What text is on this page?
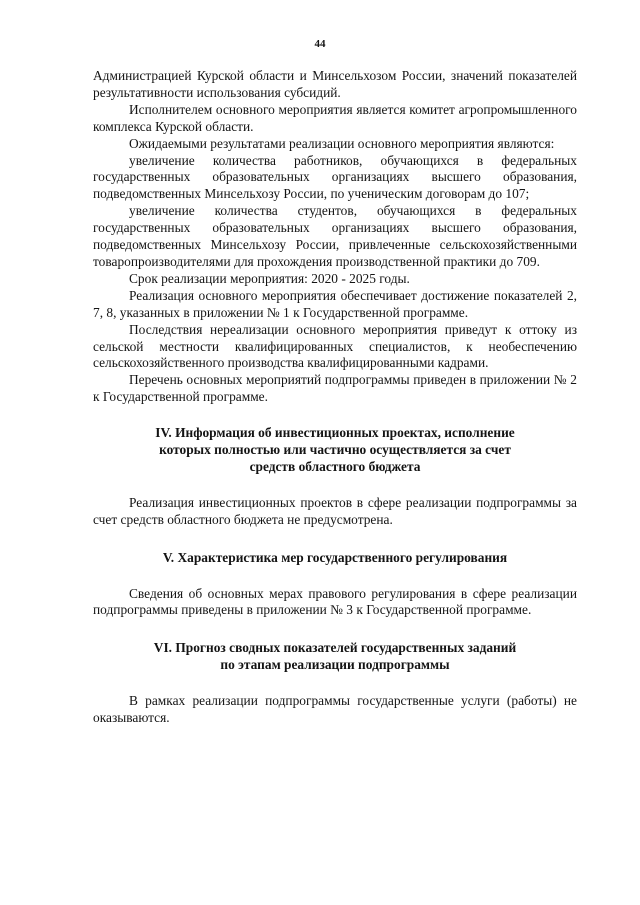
44

Администрацией Курской области и Минсельхозом России, значений показателей результативности использования субсидий.

Исполнителем основного мероприятия является комитет агропромышленного комплекса Курской области.

Ожидаемыми результатами реализации основного мероприятия являются:

увеличение количества работников, обучающихся в федеральных государственных образовательных организациях высшего образования, подведомственных Минсельхозу России, по ученическим договорам до 107;

увеличение количества студентов, обучающихся в федеральных государственных образовательных организациях высшего образования, подведомственных Минсельхозу России, привлеченные сельскохозяйственными товаропроизводителями для прохождения производственной практики до 709.

Срок реализации мероприятия: 2020 - 2025 годы.

Реализация основного мероприятия обеспечивает достижение показателей 2, 7, 8, указанных в приложении № 1 к Государственной программе.

Последствия нереализации основного мероприятия приведут к оттоку из сельской местности квалифицированных специалистов, к необеспечению сельскохозяйственного производства квалифицированными кадрами.

Перечень основных мероприятий подпрограммы приведен в приложении № 2 к Государственной программе.

IV. Информация об инвестиционных проектах, исполнение
которых полностью или частично осуществляется за счет
средств областного бюджета

Реализация инвестиционных проектов в сфере реализации подпрограммы за счет средств областного бюджета не предусмотрена.

V. Характеристика мер государственного регулирования

Сведения об основных мерах правового регулирования в сфере реализации подпрограммы приведены в приложении № 3 к Государственной программе.

VI. Прогноз сводных показателей государственных заданий
по этапам реализации подпрограммы

В рамках реализации подпрограммы государственные услуги (работы) не оказываются.
